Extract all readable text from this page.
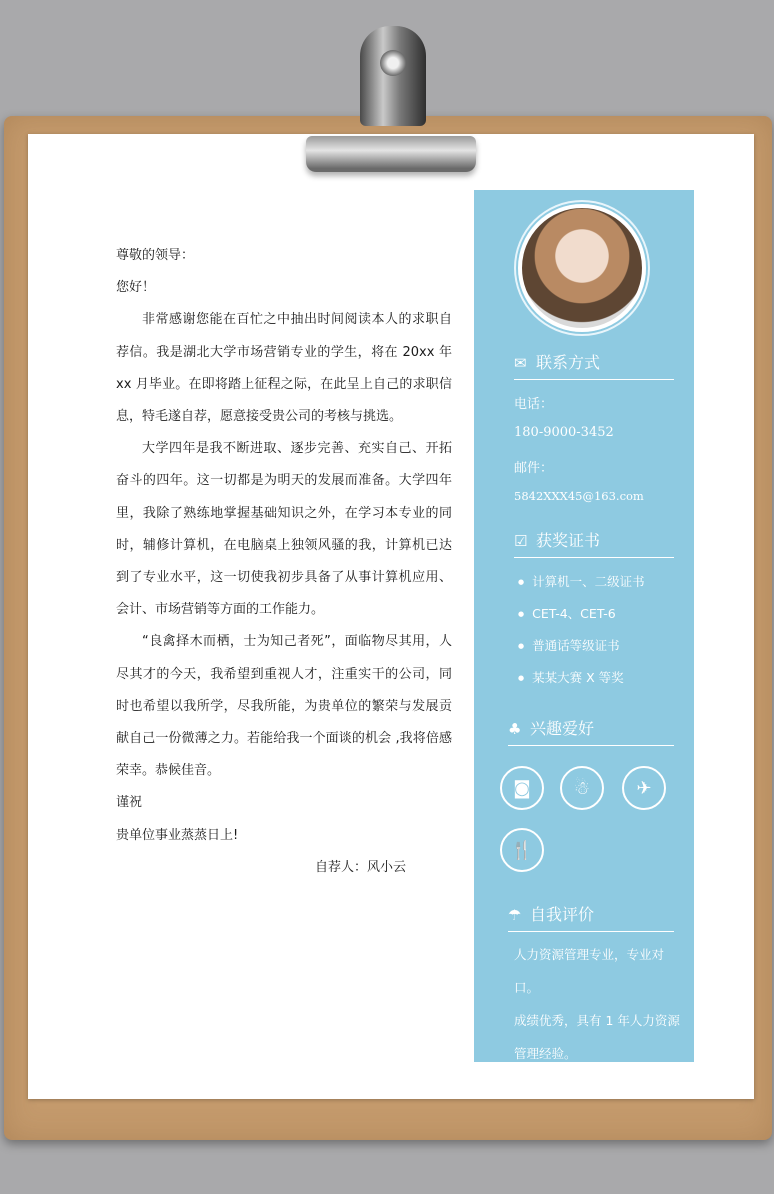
尊敬的领导：

您好！

非常感谢您能在百忙之中抽出时间阅读本人的求职自荐信。我是湖北大学市场营销专业的学生，将在 20xx 年 xx 月毕业。在即将踏上征程之际，在此呈上自己的求职信息，特毛遂自荐，愿意接受贵公司的考核与挑选。

大学四年是我不断进取、逐步完善、充实自己、开拓奋斗的四年。这一切都是为明天的发展而准备。大学四年里，我除了熟练地掌握基础知识之外，在学习本专业的同时，辅修计算机，在电脑桌上独领风骚的我，计算机已达到了专业水平，这一切使我初步具备了从事计算机应用、会计、市场营销等方面的工作能力。

“良禽择木而栖，士为知己者死”，面临物尽其用，人尽其才的今天，我希望到重视人才，注重实干的公司，同时也希望以我所学，尽我所能，为贵单位的繁荣与发展贡献自己一份微薄之力。若能给我一个面谈的机会 ,我将倍感荣幸。恭候佳音。

谨祝

贵单位事业蒸蒸日上!

自荐人：风小云

✉ 联系方式
电话：
180-9000-3452
邮件：
5842XXX45@163.com
☑ 获奖证书
● 计算机一、二级证书
● CET-4、CET-6
● 普通话等级证书
● 某某大赛 X 等奖
♣ 兴趣爱好
◙	☃	✈
🍴
☂ 自我评价

人力资源管理专业，专业对口。

成绩优秀，具有 1 年人力资源

管理经验。
